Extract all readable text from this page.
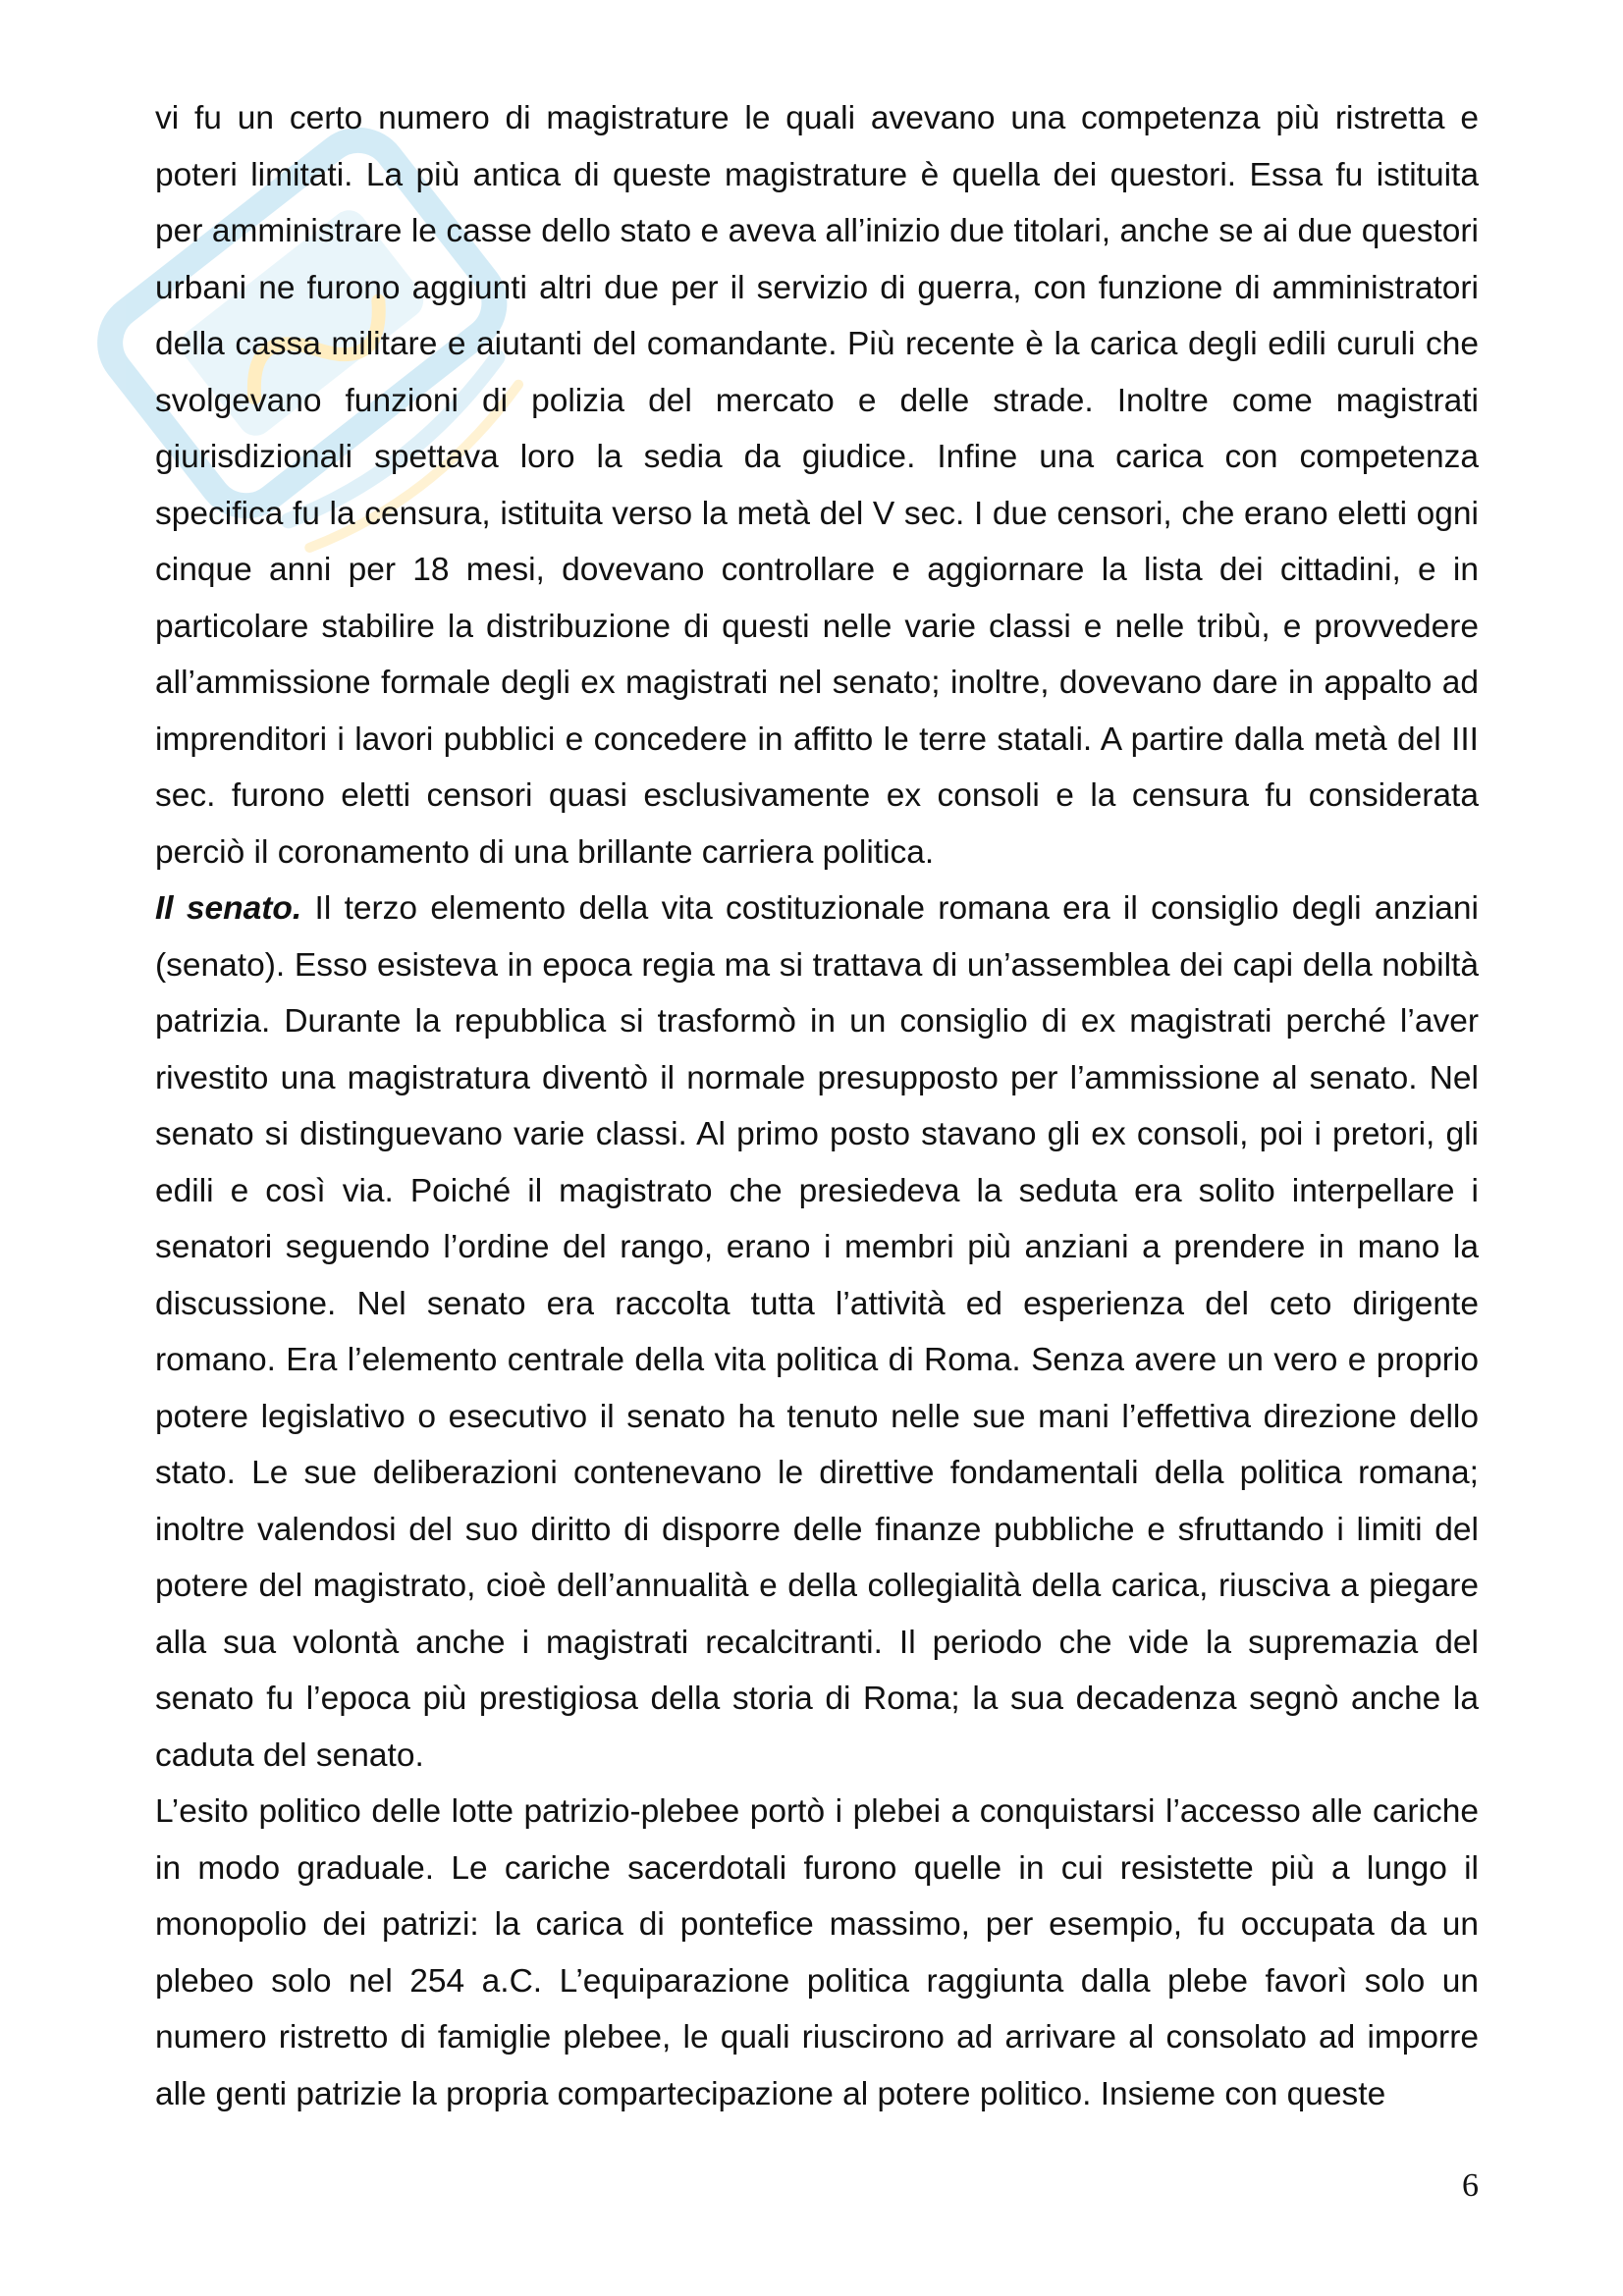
vi fu un certo numero di magistrature le quali avevano una competenza più ristretta e poteri limitati. La più antica di queste magistrature è quella dei questori. Essa fu istituita per amministrare le casse dello stato e aveva all’inizio due titolari, anche se ai due questori urbani ne furono aggiunti altri due per il servizio di guerra, con funzione di amministratori della cassa militare e aiutanti del comandante. Più recente è la carica degli edili curuli che svolgevano funzioni di polizia del mercato e delle strade. Inoltre come magistrati giurisdizionali spettava loro la sedia da giudice. Infine una carica con competenza specifica fu la censura, istituita verso la metà del V sec. I due censori, che erano eletti ogni cinque anni per 18 mesi, dovevano controllare e aggiornare la lista dei cittadini, e in particolare stabilire la distribuzione di questi nelle varie classi e nelle tribù, e provvedere all’ammissione formale degli ex magistrati nel senato; inoltre, dovevano dare in appalto ad imprenditori i lavori pubblici e concedere in affitto le terre statali. A partire dalla metà del III sec. furono eletti censori quasi esclusivamente ex consoli e la censura fu considerata perciò il coronamento di una brillante carriera politica.

Il senato. Il terzo elemento della vita costituzionale romana era il consiglio degli anziani (senato). Esso esisteva in epoca regia ma si trattava di un’assemblea dei capi della nobiltà patrizia. Durante la repubblica si trasformò in un consiglio di ex magistrati perché l’aver rivestito una magistratura diventò il normale presupposto per l’ammissione al senato. Nel senato si distinguevano varie classi. Al primo posto stavano gli ex consoli, poi i pretori, gli edili e così via. Poiché il magistrato che presiedeva la seduta era solito interpellare i senatori seguendo l’ordine del rango, erano i membri più anziani a prendere in mano la discussione. Nel senato era raccolta tutta l’attività ed esperienza del ceto dirigente romano. Era l’elemento centrale della vita politica di Roma. Senza avere un vero e proprio potere legislativo o esecutivo il senato ha tenuto nelle sue mani l’effettiva direzione dello stato. Le sue deliberazioni contenevano le direttive fondamentali della politica romana; inoltre valendosi del suo diritto di disporre delle finanze pubbliche e sfruttando i limiti del potere del magistrato, cioè dell’annualità e della collegialità della carica, riusciva a piegare alla sua volontà anche i magistrati recalcitranti. Il periodo che vide la supremazia del senato fu l’epoca più prestigiosa della storia di Roma; la sua decadenza segnò anche la caduta del senato.

L’esito politico delle lotte patrizio-plebee portò i plebei a conquistarsi l’accesso alle cariche in modo graduale. Le cariche sacerdotali furono quelle in cui resistette più a lungo il monopolio dei patrizi: la carica di pontefice massimo, per esempio, fu occupata da un plebeo solo nel 254 a.C. L’equiparazione politica raggiunta dalla plebe favorì solo un numero ristretto di famiglie plebee, le quali riuscirono ad arrivare al consolato ad imporre alle genti patrizie la propria compartecipazione al potere politico. Insieme con queste

6
